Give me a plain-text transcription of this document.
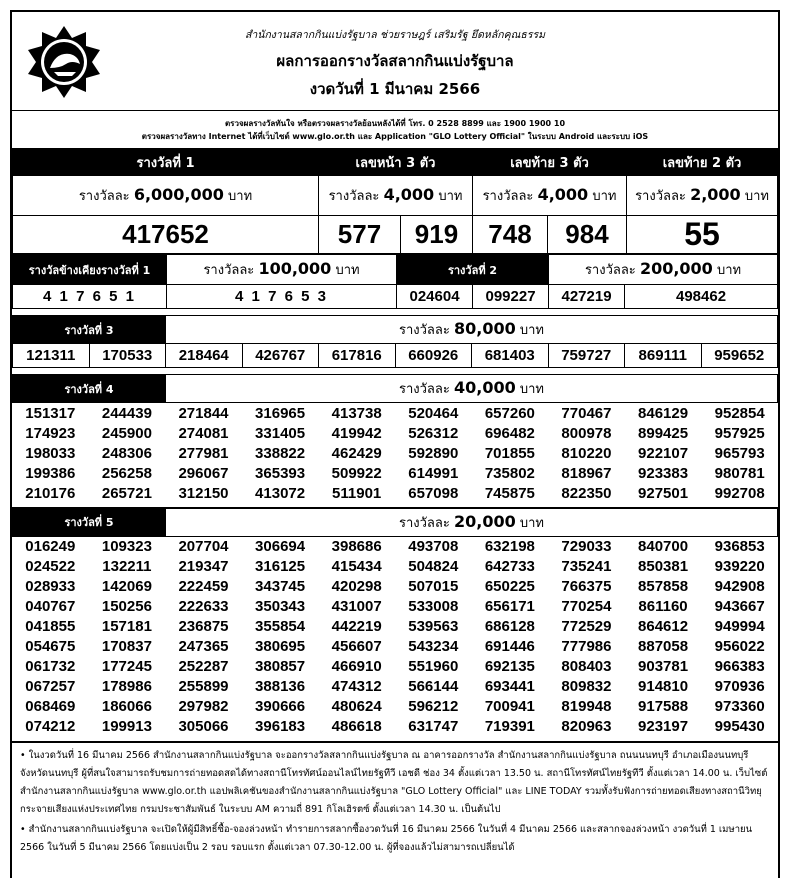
สำนักงานสลากกินแบ่งรัฐบาล ช่วยราษฎร์ เสริมรัฐ ยึดหลักคุณธรรม
ผลการออกรางวัลสลากกินแบ่งรัฐบาล
งวดวันที่ 1 มีนาคม 2566
ตรวจผลรางวัลทันใจ หรือตรวจผลรางวัลย้อนหลังได้ที่ โทร. 0 2528 8899 และ 1900 1900 10
ตรวจผลรางวัลทาง Internet ได้ที่เว็บไซต์ www.glo.or.th และ Application "GLO Lottery Official" ในระบบ Android และระบบ iOS
รางวัลที่ 1	เลขหน้า 3 ตัว		เลขท้าย 3 ตัว		เลขท้าย 2 ตัว
รางวัลละ 6,000,000 บาท	รางวัลละ 4,000 บาท		รางวัลละ 4,000 บาท		รางวัลละ 2,000 บาท
417652	577	919	748	984	55
รางวัลข้างเคียงรางวัลที่ 1	รางวัลละ 100,000 บาท	รางวัลที่ 2		รางวัลละ 200,000 บาท	
4 1 7 6 5 1	4 1 7 6 5 3	024604	099227	427219	498462
รางวัลที่ 3		รางวัลละ 80,000 บาท							
121311	170533	218464	426767	617816	660926	681403	759727	869111	959652
รางวัลที่ 4	รางวัลละ 40,000 บาท
151317	244439	271844	316965	413738	520464	657260	770467	846129	952854
174923	245900	274081	331405	419942	526312	696482	800978	899425	957925
198033	248306	277981	338822	462429	592890	701855	810220	922107	965793
199386	256258	296067	365393	509922	614991	735802	818967	923383	980781
210176	265721	312150	413072	511901	657098	745875	822350	927501	992708
รางวัลที่ 5	รางวัลละ 20,000 บาท
016249	109323	207704	306694	398686	493708	632198	729033	840700	936853
024522	132211	219347	316125	415434	504824	642733	735241	850381	939220
028933	142069	222459	343745	420298	507015	650225	766375	857858	942908
040767	150256	222633	350343	431007	533008	656171	770254	861160	943667
041855	157181	236875	355854	442219	539563	686128	772529	864612	949994
054675	170837	247365	380695	456607	543234	691446	777986	887058	956022
061732	177245	252287	380857	466910	551960	692135	808403	903781	966383
067257	178986	255899	388136	474312	566144	693441	809832	914810	970936
068469	186066	297982	390666	480624	596212	700941	819948	917588	973360
074212	199913	305066	396183	486618	631747	719391	820963	923197	995430

• ในงวดวันที่ 16 มีนาคม 2566 สำนักงานสลากกินแบ่งรัฐบาล จะออกรางวัลสลากกินแบ่งรัฐบาล ณ อาคารออกรางวัล สำนักงานสลากกินแบ่งรัฐบาล ถนนนนทบุรี อำเภอเมืองนนทบุรี จังหวัดนนทบุรี ผู้ที่สนใจสามารถรับชมการถ่ายทอดสดได้ทางสถานีโทรทัศน์ออนไลน์ไทยรัฐทีวี เอชดี ช่อง 34 ตั้งแต่เวลา 13.50 น. สถานีโทรทัศน์ไทยรัฐทีวี ตั้งแต่เวลา 14.00 น. เว็บไซต์สำนักงานสลากกินแบ่งรัฐบาล www.glo.or.th แอปพลิเคชันของสำนักงานสลากกินแบ่งรัฐบาล "GLO Lottery Official" และ LINE TODAY รวมทั้งรับฟังการถ่ายทอดเสียงทางสถานีวิทยุกระจายเสียงแห่งประเทศไทย กรมประชาสัมพันธ์ ในระบบ AM ความถี่ 891 กิโลเฮิรตซ์ ตั้งแต่เวลา 14.30 น. เป็นต้นไป

• สำนักงานสลากกินแบ่งรัฐบาล จะเปิดให้ผู้มีสิทธิ์ซื้อ-จองล่วงหน้า ทำรายการสลากซื้องวดวันที่ 16 มีนาคม 2566 ในวันที่ 4 มีนาคม 2566 และสลากจองล่วงหน้า งวดวันที่ 1 เมษายน 2566 ในวันที่ 5 มีนาคม 2566 โดยแบ่งเป็น 2 รอบ รอบแรก ตั้งแต่เวลา 07.30-12.00 น. ผู้ที่จองแล้วไม่สามารถเปลี่ยนได้
